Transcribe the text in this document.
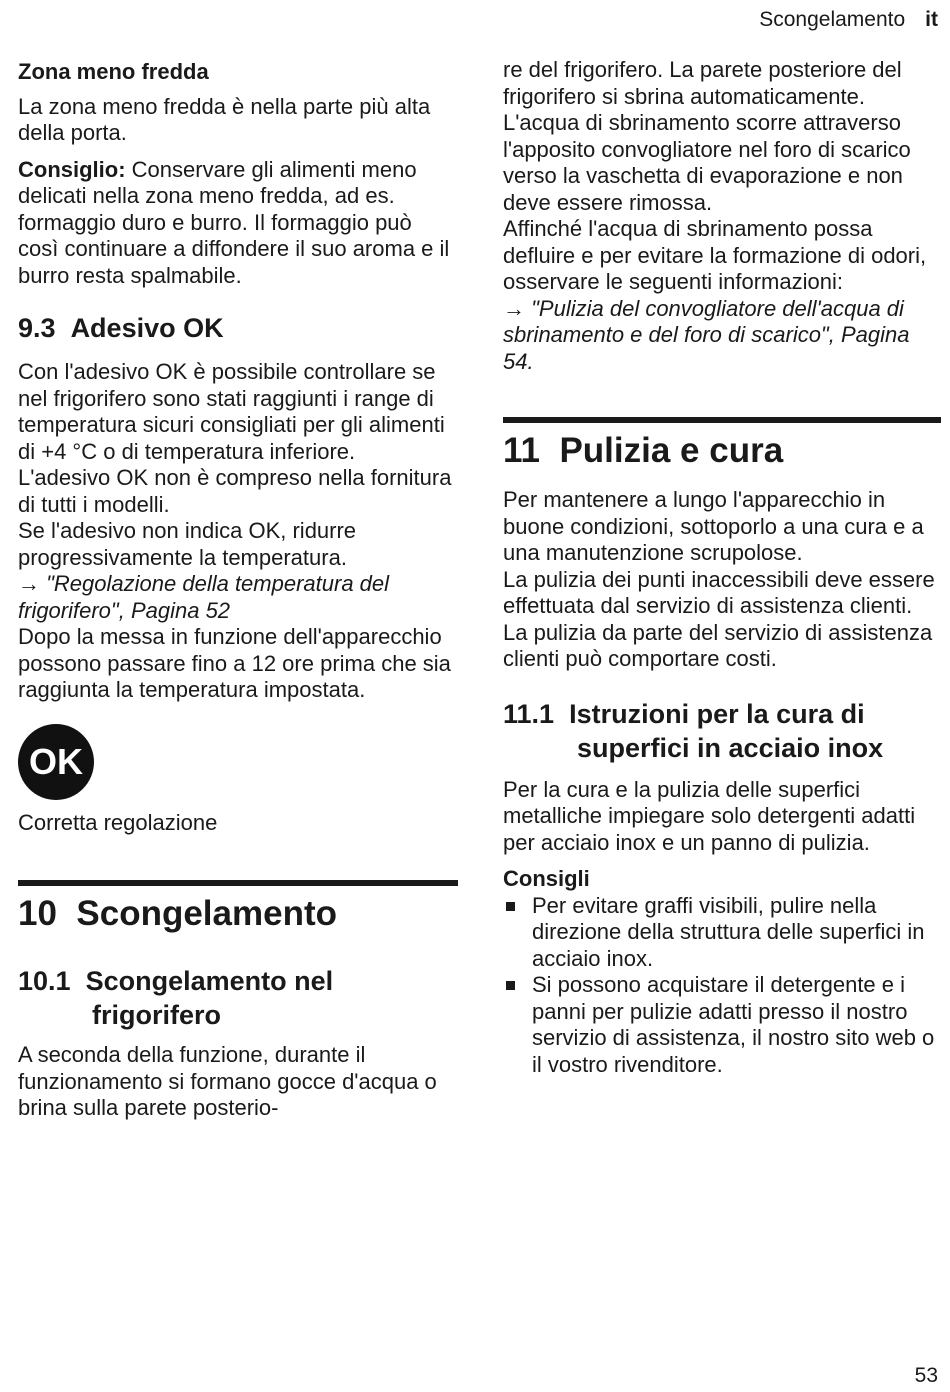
Scongelamento it
Zona meno fredda

La zona meno fredda è nella parte più alta della porta.

Consiglio: Conservare gli alimenti meno delicati nella zona meno fredda, ad es. formaggio duro e burro. Il formaggio può così continuare a diffondere il suo aroma e il burro resta spalmabile.

9.3 Adesivo OK

Con l'adesivo OK è possibile controllare se nel frigorifero sono stati raggiunti i range di temperatura sicuri consigliati per gli alimenti di +4 °C o di temperatura inferiore.

L'adesivo OK non è compreso nella fornitura di tutti i modelli.

Se l'adesivo non indica OK, ridurre progressivamente la temperatura.

→ "Regolazione della temperatura del frigorifero", Pagina 52

Dopo la messa in funzione dell'apparecchio possono passare fino a 12 ore prima che sia raggiunta la temperatura impostata.

OK

Corretta regolazione

10 Scongelamento
10.1 Scongelamento nel frigorifero

A seconda della funzione, durante il funzionamento si formano gocce d'acqua o brina sulla parete posterio-

re del frigorifero. La parete posteriore del frigorifero si sbrina automaticamente.

L'acqua di sbrinamento scorre attraverso l'apposito convogliatore nel foro di scarico verso la vaschetta di evaporazione e non deve essere rimossa.

Affinché l'acqua di sbrinamento possa defluire e per evitare la formazione di odori, osservare le seguenti informazioni:

→ "Pulizia del convogliatore dell'acqua di sbrinamento e del foro di scarico", Pagina 54.

11 Pulizia e cura

Per mantenere a lungo l'apparecchio in buone condizioni, sottoporlo a una cura e a una manutenzione scrupolose.

La pulizia dei punti inaccessibili deve essere effettuata dal servizio di assistenza clienti. La pulizia da parte del servizio di assistenza clienti può comportare costi.

11.1 Istruzioni per la cura di superfici in acciaio inox

Per la cura e la pulizia delle superfici metalliche impiegare solo detergenti adatti per acciaio inox e un panno di pulizia.

Consigli
Per evitare graffi visibili, pulire nella direzione della struttura delle superfici in acciaio inox.
Si possono acquistare il detergente e i panni per pulizie adatti presso il nostro servizio di assistenza, il nostro sito web o il vostro rivenditore.
53
